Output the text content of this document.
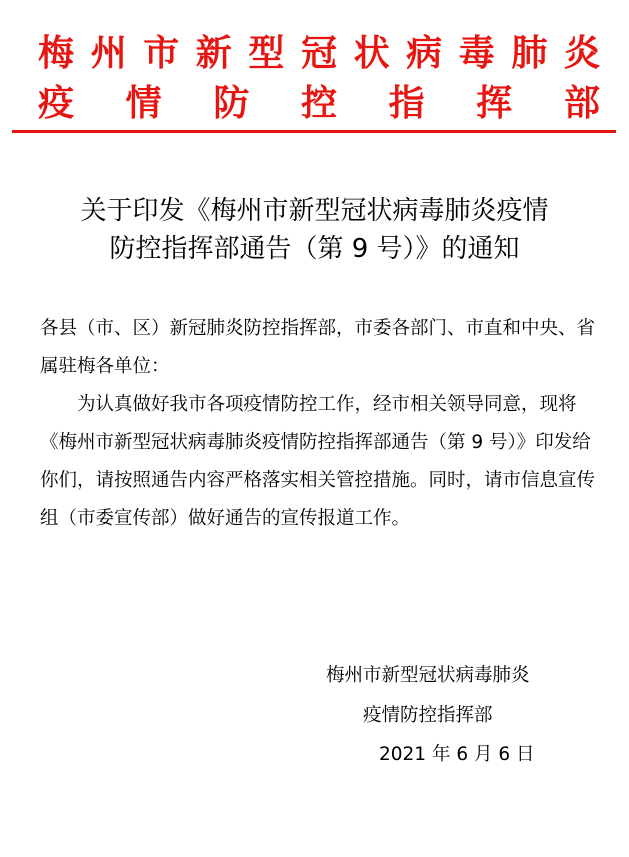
梅 州 市 新 型 冠 状 病 毒 肺 炎
疫 情 防 控 指 挥 部
关于印发《梅州市新型冠状病毒肺炎疫情
防控指挥部通告（第 9 号）》的通知

各县（市、区）新冠肺炎防控指挥部，市委各部门、市直和中央、省属驻梅各单位：

为认真做好我市各项疫情防控工作，经市相关领导同意，现将《梅州市新型冠状病毒肺炎疫情防控指挥部通告（第 9 号）》印发给你们，请按照通告内容严格落实相关管控措施。同时，请市信息宣传组（市委宣传部）做好通告的宣传报道工作。

梅州市新型冠状病毒肺炎
疫情防控指挥部
2021 年 6 月 6 日
